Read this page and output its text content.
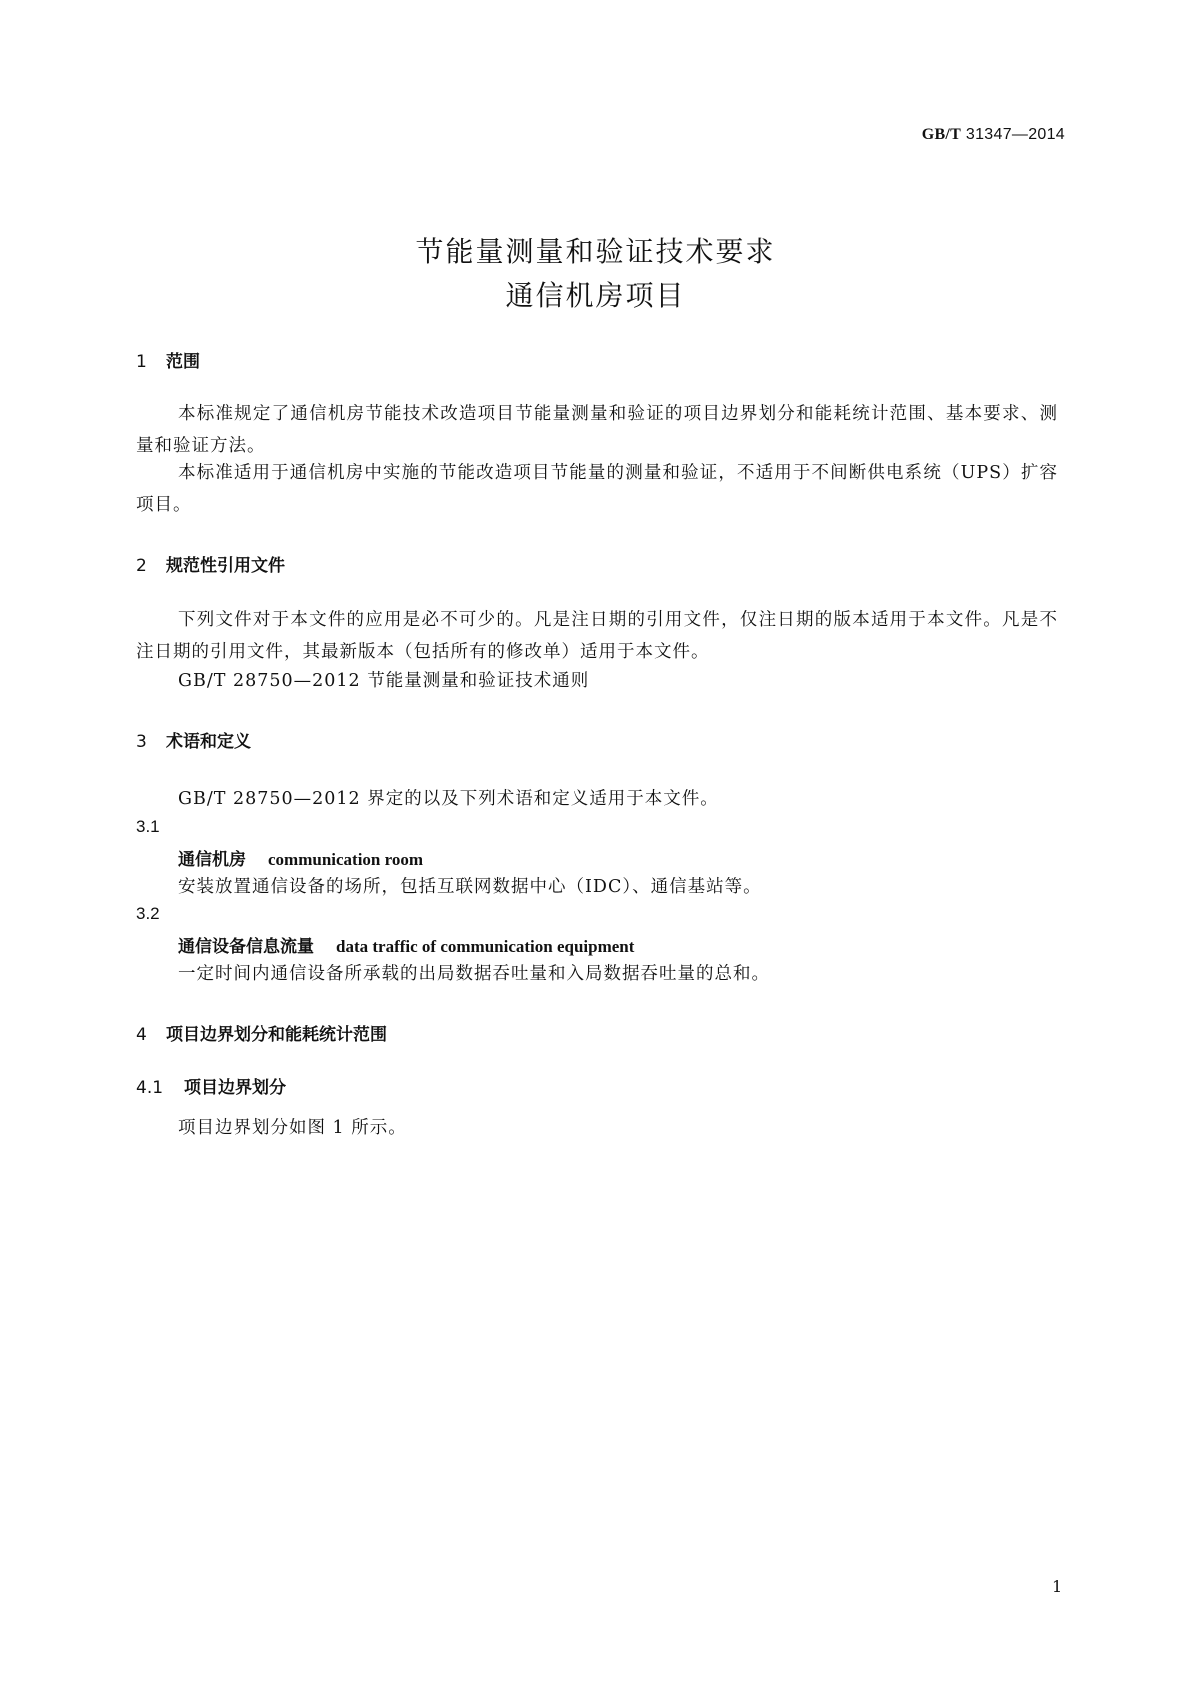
GB/T 31347—2014
节能量测量和验证技术要求
通信机房项目
1 范围
本标准规定了通信机房节能技术改造项目节能量测量和验证的项目边界划分和能耗统计范围、基本要求、测量和验证方法。
本标准适用于通信机房中实施的节能改造项目节能量的测量和验证，不适用于不间断供电系统（UPS）扩容项目。
2 规范性引用文件
下列文件对于本文件的应用是必不可少的。凡是注日期的引用文件，仅注日期的版本适用于本文件。凡是不注日期的引用文件，其最新版本（包括所有的修改单）适用于本文件。
GB/T 28750—2012 节能量测量和验证技术通则
3 术语和定义
GB/T 28750—2012 界定的以及下列术语和定义适用于本文件。
3.1
通信机房 communication room
安装放置通信设备的场所，包括互联网数据中心（IDC）、通信基站等。
3.2
通信设备信息流量 data traffic of communication equipment
一定时间内通信设备所承载的出局数据吞吐量和入局数据吞吐量的总和。
4 项目边界划分和能耗统计范围
4.1 项目边界划分
项目边界划分如图 1 所示。
1
